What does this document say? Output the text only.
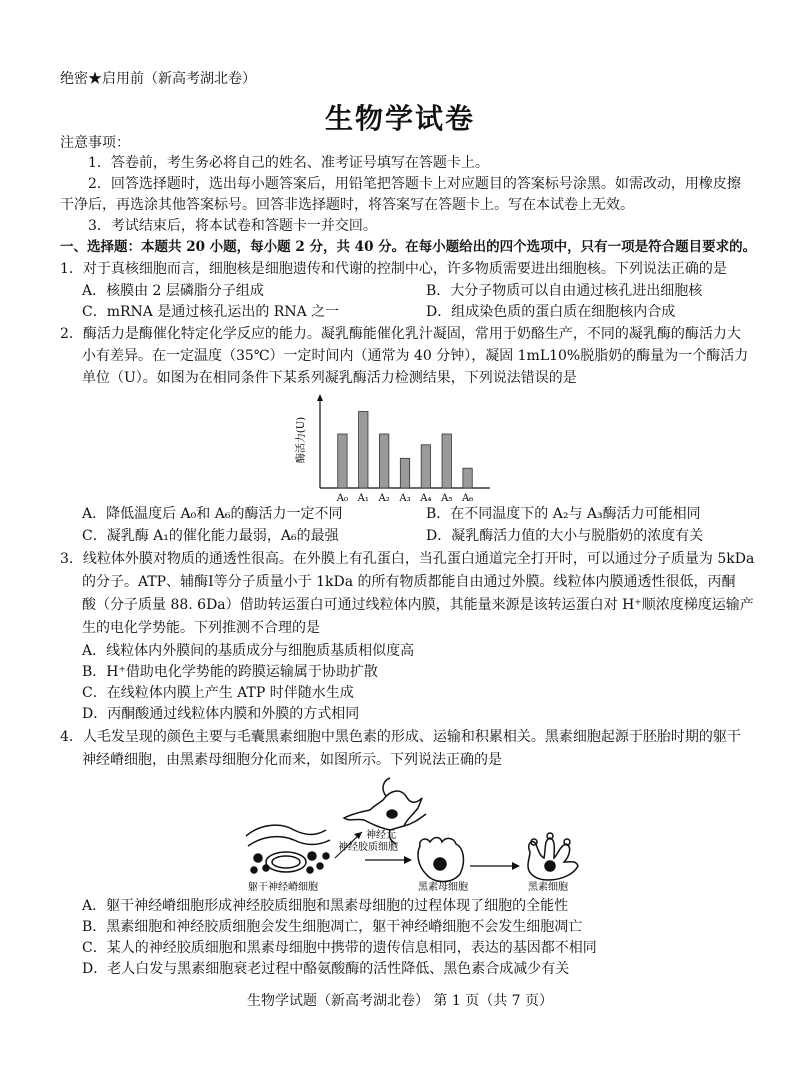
绝密★启用前（新高考湖北卷）
生物学试卷
注意事项：
1．答卷前，考生务必将自己的姓名、准考证号填写在答题卡上。
2．回答选择题时，选出每小题答案后，用铅笔把答题卡上对应题目的答案标号涂黑。如需改动，用橡皮擦
干净后，再选涂其他答案标号。回答非选择题时，将答案写在答题卡上。写在本试卷上无效。
3．考试结束后，将本试卷和答题卡一并交回。
一、选择题：本题共 20 小题，每小题 2 分，共 40 分。在每小题给出的四个选项中，只有一项是符合题目要求的。
1．对于真核细胞而言，细胞核是细胞遗传和代谢的控制中心，许多物质需要进出细胞核。下列说法正确的是
A．核膜由 2 层磷脂分子组成	B．大分子物质可以自由通过核孔进出细胞核
C．mRNA 是通过核孔运出的 RNA 之一	D．组成染色质的蛋白质在细胞核内合成
2．酶活力是酶催化特定化学反应的能力。凝乳酶能催化乳汁凝固，常用于奶酪生产，不同的凝乳酶的酶活力大
小有差异。在一定温度（35℃）一定时间内（通常为 40 分钟），凝固 1mL10%脱脂奶的酶量为一个酶活力
单位（U）。如图为在相同条件下某系列凝乳酶活力检测结果，下列说法错误的是
A₀ A₁ A₂ A₃ A₄ A₅ A₆
酶活力(U)
A．降低温度后 A₀和 A₆的酶活力一定不同	B．在不同温度下的 A₂与 A₃酶活力可能相同
C．凝乳酶 A₁的催化能力最弱，A₆的最强	D．凝乳酶活力值的大小与脱脂奶的浓度有关
3．线粒体外膜对物质的通透性很高。在外膜上有孔蛋白，当孔蛋白通道完全打开时，可以通过分子质量为 5kDa
的分子。ATP、辅酶Ⅰ等分子质量小于 1kDa 的所有物质都能自由通过外膜。线粒体内膜通透性很低，丙酮
酸（分子质量 88. 6Da）借助转运蛋白可通过线粒体内膜，其能量来源是该转运蛋白对 H⁺顺浓度梯度运输产
生的电化学势能。下列推测不合理的是
A．线粒体内外膜间的基质成分与细胞质基质相似度高
B．H⁺借助电化学势能的跨膜运输属于协助扩散
C．在线粒体内膜上产生 ATP 时伴随水生成
D．丙酮酸通过线粒体内膜和外膜的方式相同
4．人毛发呈现的颜色主要与毛囊黑素细胞中黑色素的形成、运输和积累相关。黑素细胞起源于胚胎时期的躯干
神经嵴细胞，由黑素母细胞分化而来，如图所示。下列说法正确的是
神经元
神经胶质细胞
躯干神经嵴细胞	黑素母细胞	黑素细胞
A．躯干神经嵴细胞形成神经胶质细胞和黑素母细胞的过程体现了细胞的全能性
B．黑素细胞和神经胶质细胞会发生细胞凋亡，躯干神经嵴细胞不会发生细胞凋亡
C．某人的神经胶质细胞和黑素母细胞中携带的遗传信息相同，表达的基因都不相同
D．老人白发与黑素细胞衰老过程中酪氨酸酶的活性降低、黑色素合成减少有关
生物学试题（新高考湖北卷） 第 1 页（共 7 页）
